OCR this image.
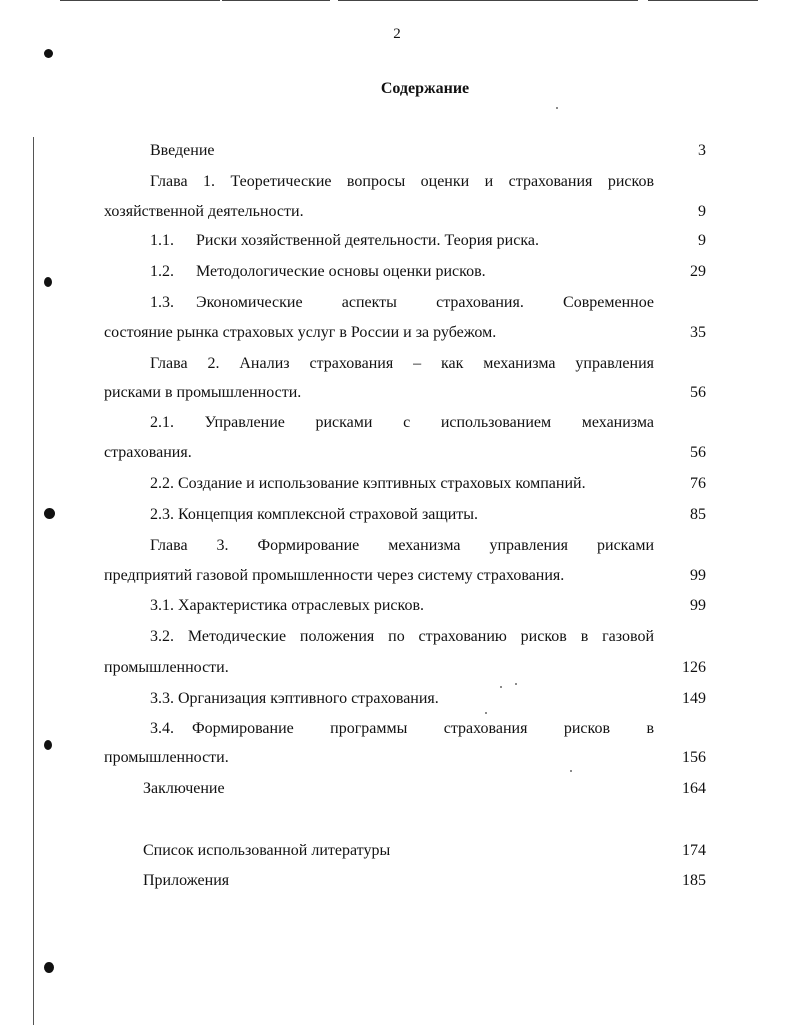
2
Содержание
Введение	3
Глава 1. Теоретические вопросы оценки и страхования рисков
хозяйственной деятельности.	9
1.1. Риски хозяйственной деятельности. Теория риска.	9
1.2. Методологические основы оценки рисков.	29
1.3.	Экономические аспекты страхования. Современное
состояние рынка страховых услуг в России и за рубежом.	35
Глава 2. Анализ страхования – как механизма управления
рисками в промышленности.	56
2.1. Управление рисками с использованием механизма
страхования.	56
2.2. Создание и использование кэптивных страховых компаний.	76
2.3. Концепция комплексной страховой защиты.	85
Глава 3. Формирование механизма управления рисками
предприятий газовой промышленности через систему страхования.	99
3.1. Характеристика отраслевых рисков.	99
3.2. Методические положения по страхованию рисков в газовой
промышленности.	126
3.3. Организация кэптивного страхования.	149
3.4.	Формирование программы страхования рисков в
промышленности.	156
Заключение	164
Список использованной литературы	174
Приложения	185
